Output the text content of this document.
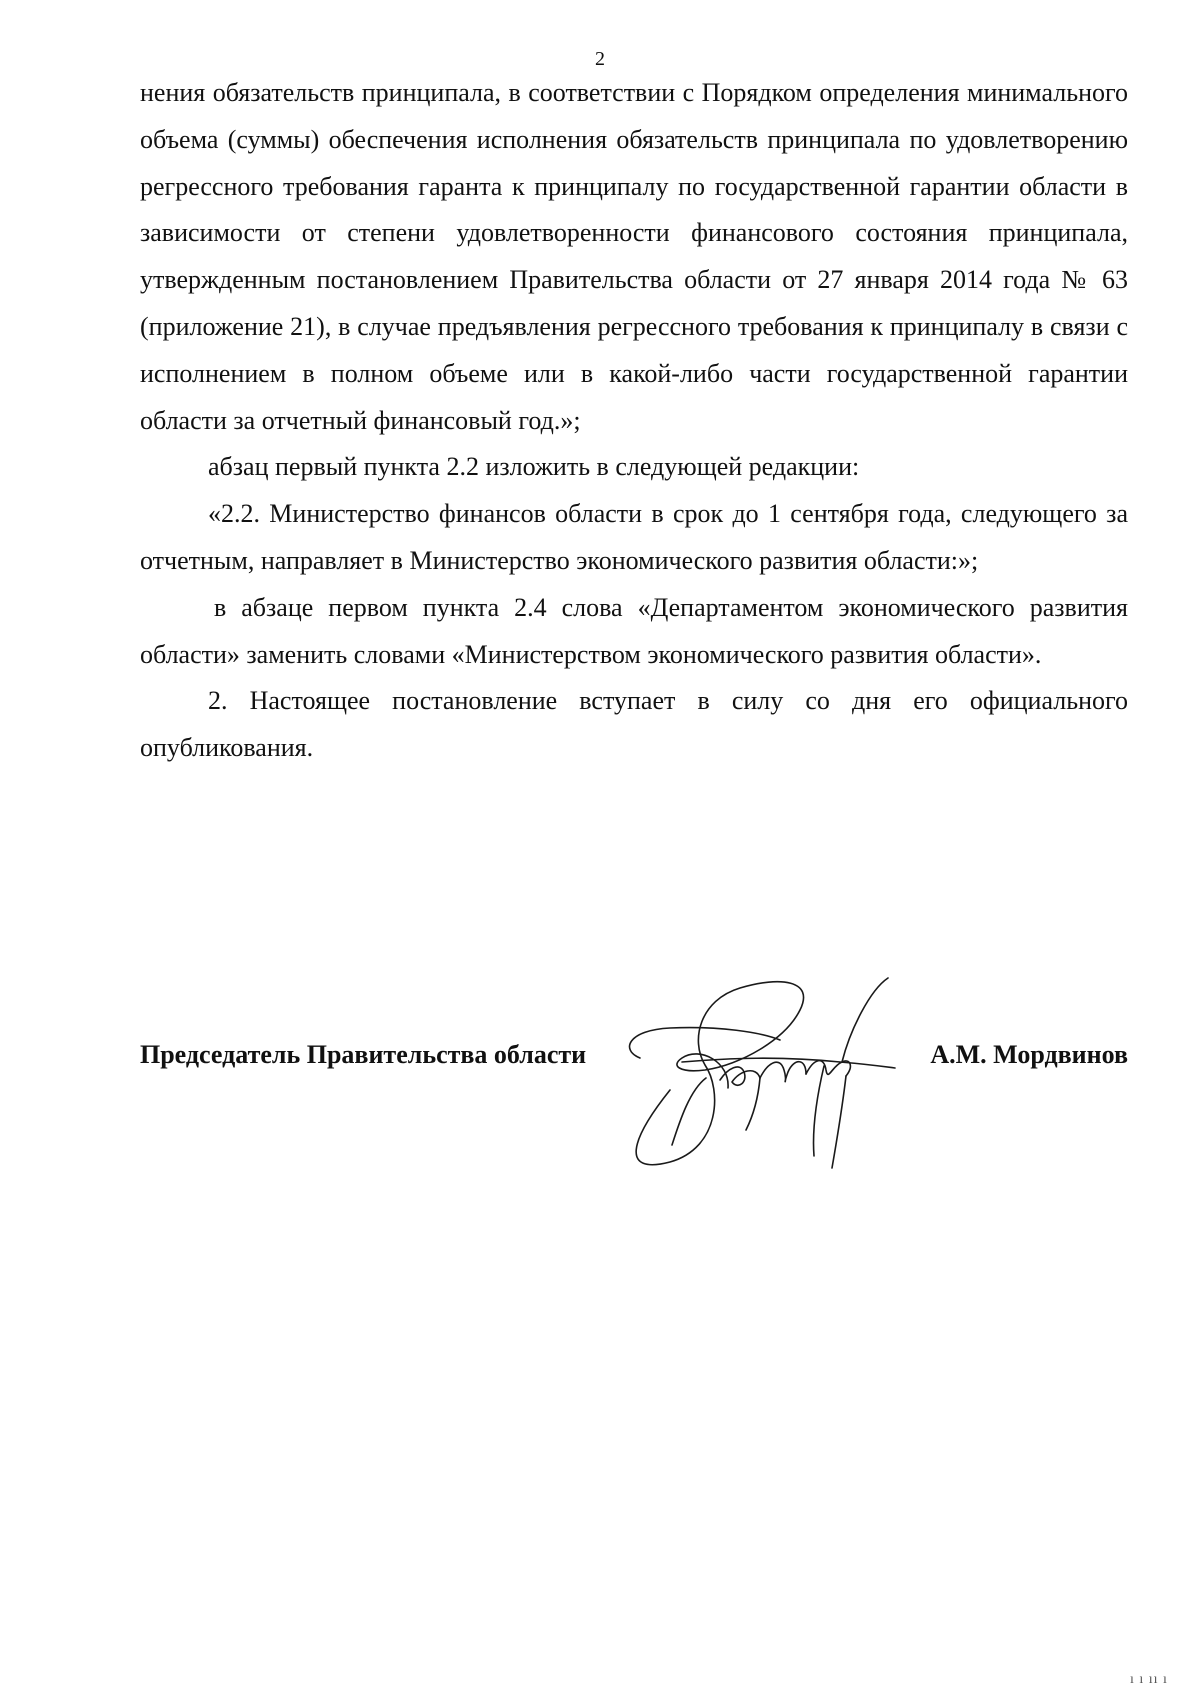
2

нения обязательств принципала, в соответствии с Порядком определения минимального объема (суммы) обеспечения исполнения обязательств принципала по удовлетворению регрессного требования гаранта к принципалу по государственной гарантии области в зависимости от степени удовлетворенности финансового состояния принципала, утвержденным постановлением Правительства области от 27 января 2014 года № 63 (приложение 21), в случае предъявления регрессного требования к принципалу в связи с исполнением в полном объеме или в какой-либо части государственной гарантии области за отчетный финансовый год.»;

абзац первый пункта 2.2 изложить в следующей редакции:

«2.2. Министерство финансов области в срок до 1 сентября года, следующего за отчетным, направляет в Министерство экономического развития области:»;

в абзаце первом пункта 2.4 слова «Департаментом экономического развития области» заменить словами «Министерством экономического развития области».

2. Настоящее постановление вступает в силу со дня его официального опубликования.

Председатель Правительства области	А.М. Мордвинов
ı ı ıı ı
